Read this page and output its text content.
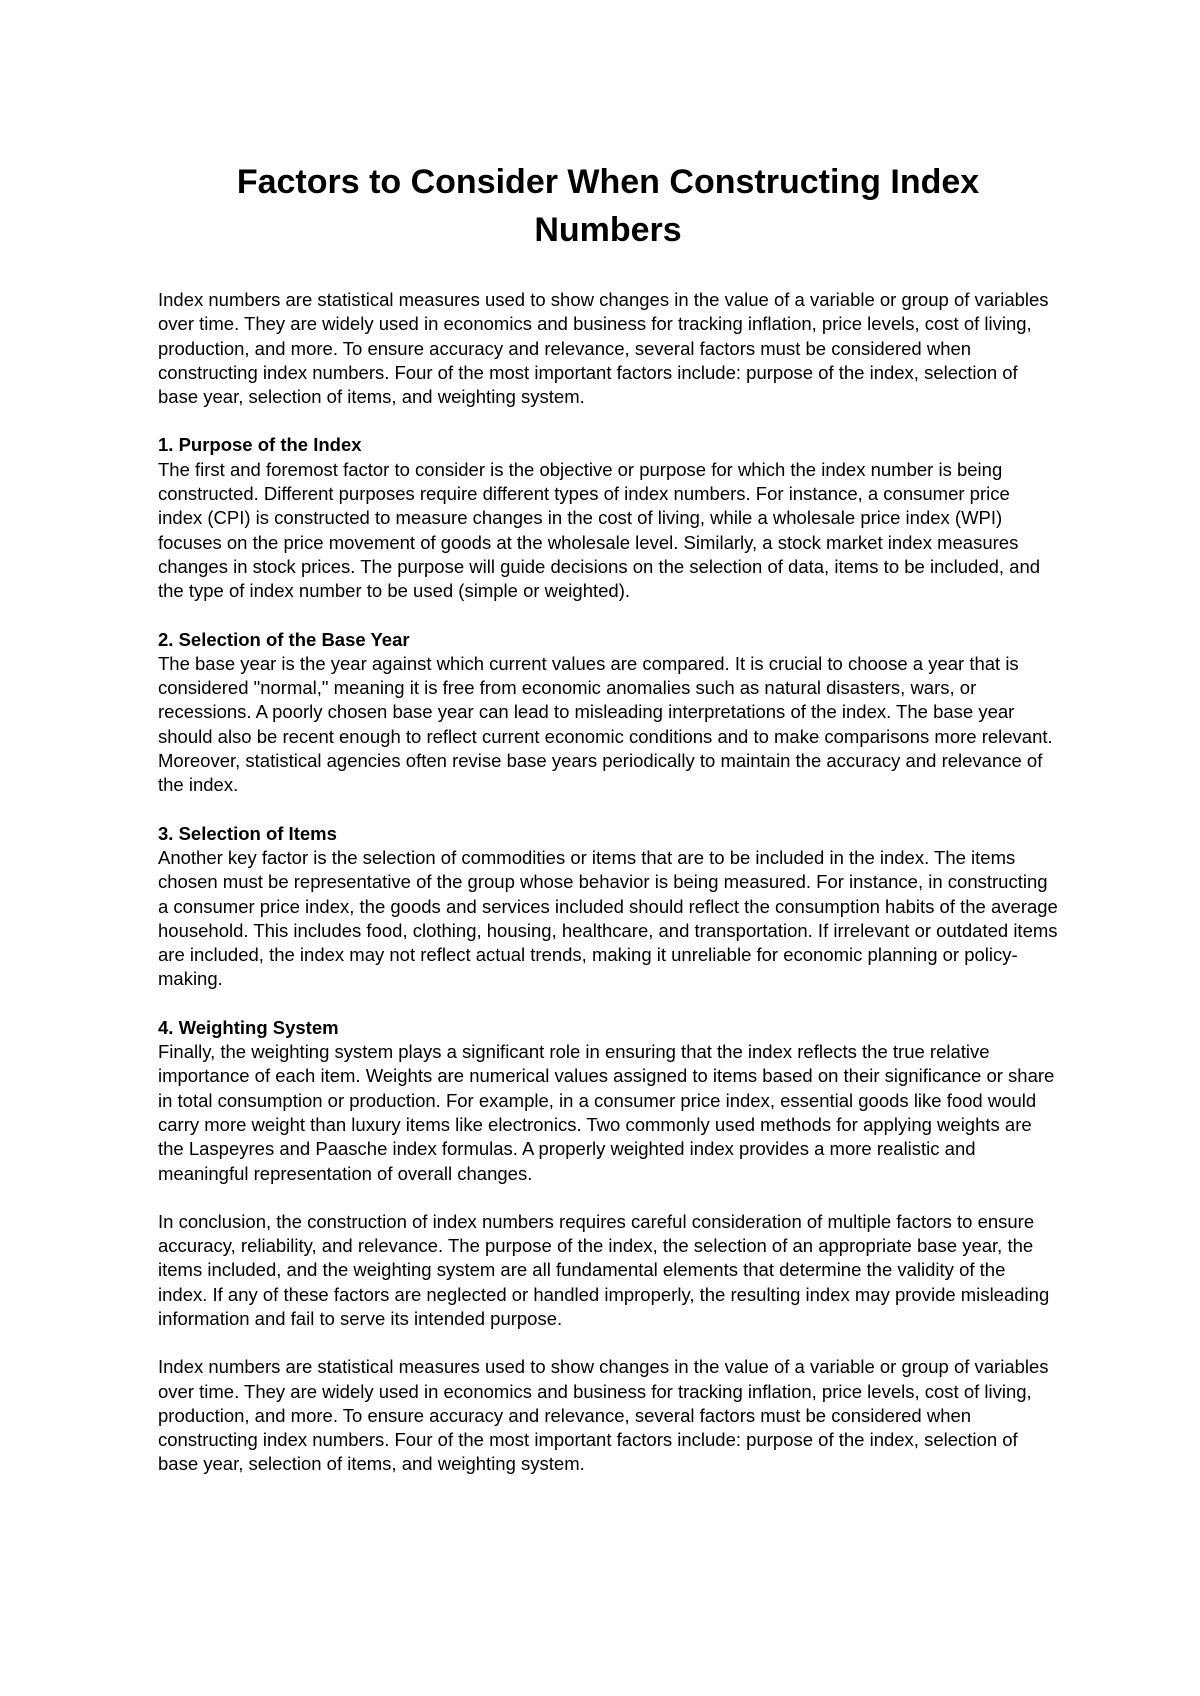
Factors to Consider When Constructing Index Numbers

Index numbers are statistical measures used to show changes in the value of a variable or group of variables over time. They are widely used in economics and business for tracking inflation, price levels, cost of living, production, and more. To ensure accuracy and relevance, several factors must be considered when constructing index numbers. Four of the most important factors include: purpose of the index, selection of base year, selection of items, and weighting system.

1. Purpose of the Index

The first and foremost factor to consider is the objective or purpose for which the index number is being constructed. Different purposes require different types of index numbers. For instance, a consumer price index (CPI) is constructed to measure changes in the cost of living, while a wholesale price index (WPI) focuses on the price movement of goods at the wholesale level. Similarly, a stock market index measures changes in stock prices. The purpose will guide decisions on the selection of data, items to be included, and the type of index number to be used (simple or weighted).

2. Selection of the Base Year

The base year is the year against which current values are compared. It is crucial to choose a year that is considered "normal," meaning it is free from economic anomalies such as natural disasters, wars, or recessions. A poorly chosen base year can lead to misleading interpretations of the index. The base year should also be recent enough to reflect current economic conditions and to make comparisons more relevant. Moreover, statistical agencies often revise base years periodically to maintain the accuracy and relevance of the index.

3. Selection of Items

Another key factor is the selection of commodities or items that are to be included in the index. The items chosen must be representative of the group whose behavior is being measured. For instance, in constructing a consumer price index, the goods and services included should reflect the consumption habits of the average household. This includes food, clothing, housing, healthcare, and transportation. If irrelevant or outdated items are included, the index may not reflect actual trends, making it unreliable for economic planning or policy-making.

4. Weighting System

Finally, the weighting system plays a significant role in ensuring that the index reflects the true relative importance of each item. Weights are numerical values assigned to items based on their significance or share in total consumption or production. For example, in a consumer price index, essential goods like food would carry more weight than luxury items like electronics. Two commonly used methods for applying weights are the Laspeyres and Paasche index formulas. A properly weighted index provides a more realistic and meaningful representation of overall changes.

In conclusion, the construction of index numbers requires careful consideration of multiple factors to ensure accuracy, reliability, and relevance. The purpose of the index, the selection of an appropriate base year, the items included, and the weighting system are all fundamental elements that determine the validity of the index. If any of these factors are neglected or handled improperly, the resulting index may provide misleading information and fail to serve its intended purpose.

Index numbers are statistical measures used to show changes in the value of a variable or group of variables over time. They are widely used in economics and business for tracking inflation, price levels, cost of living, production, and more. To ensure accuracy and relevance, several factors must be considered when constructing index numbers. Four of the most important factors include: purpose of the index, selection of base year, selection of items, and weighting system.
